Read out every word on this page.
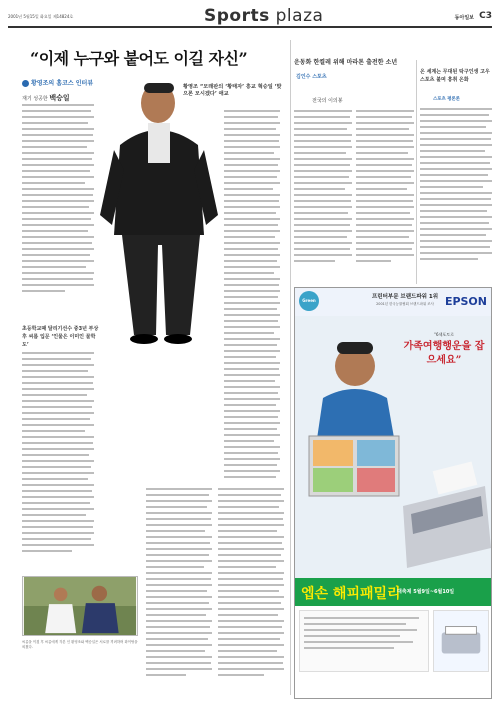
2001년 5월15일 화요일 제14824호	Sports plaza	동아일보 C3
“이제 누구와 붙어도 이길 자신”
황영조의 홈코스 인터뷰
재기 성공한 백승일
황영조 “모래판의 ‘황태자’ 흥교 혁승일 ‘맞으론 모시겠다’ 애교
초등학교때 달리기선수 중3년 부상후 씨름 입문 ‘인물은 이미인 물학도’
씨름을 이겼 후 씨름에게 각본 인 황영조와 백승일은 서로를 격려하며 화이팅을 외쳤다.
운동화 한켤레 위해 마라톤 출전한 소년
김인수 스포츠
전국의 이의봉
온 세계는 무대된 탁구인생 고우 스포츠 불며 흥취 온화
스포츠 평론론
Green
프린터부문 브랜드파워 1위
2001년 한국능률협회 브랜드파워 조사	EPSON
“6색포토로
가족여행행운을 잡으세요”
엡손 해피패밀리
대축제 5월9일~6월10일
